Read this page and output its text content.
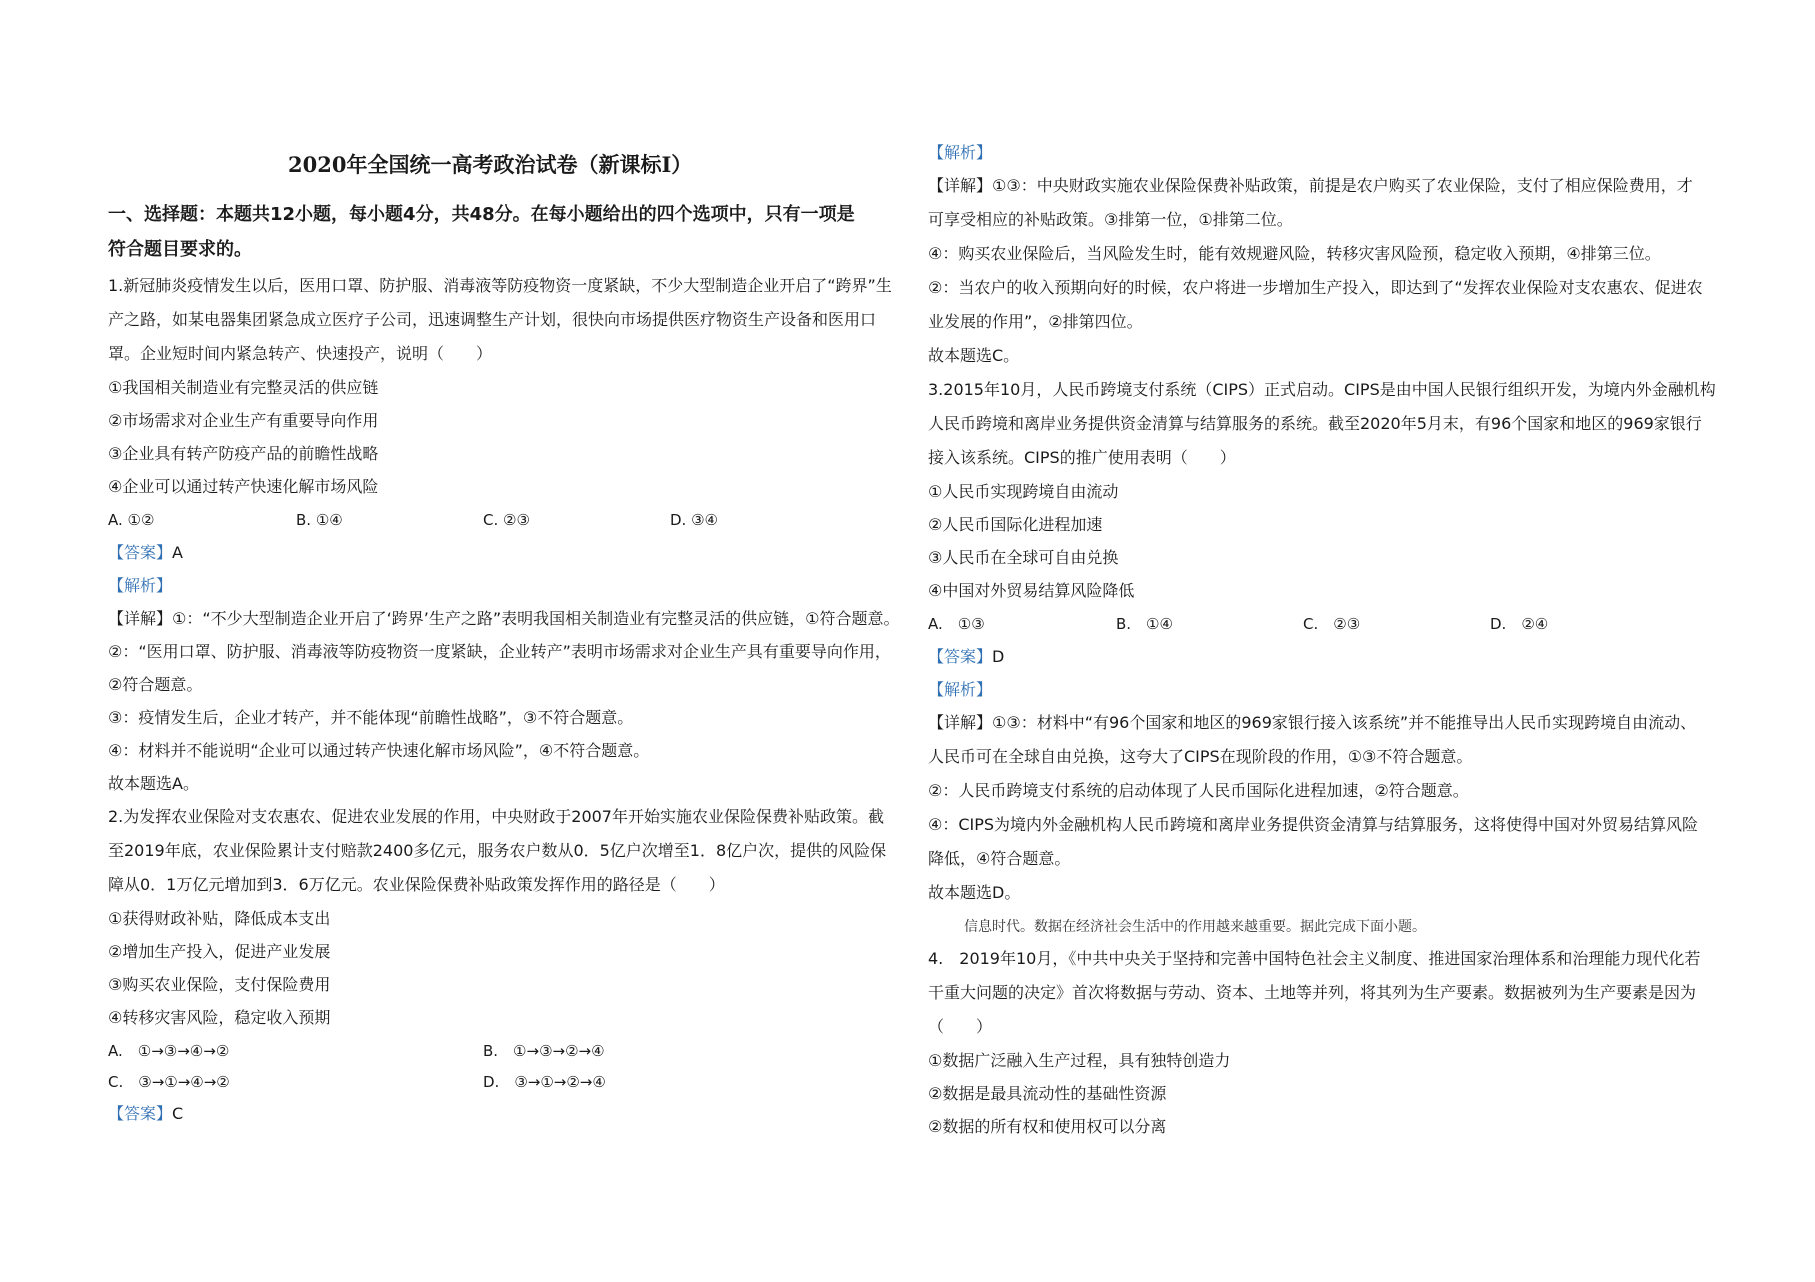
2020年全国统一高考政治试卷（新课标I）
一、选择题：本题共12小题，每小题4分，共48分。在每小题给出的四个选项中，只有一项是
符合题目要求的。
1.新冠肺炎疫情发生以后，医用口罩、防护服、消毒液等防疫物资一度紧缺，不少大型制造企业开启了“跨界”生
产之路，如某电器集团紧急成立医疗子公司，迅速调整生产计划，很快向市场提供医疗物资生产设备和医用口
罩。企业短时间内紧急转产、快速投产，说明（　　）
①我国相关制造业有完整灵活的供应链
②市场需求对企业生产有重要导向作用
③企业具有转产防疫产品的前瞻性战略
④企业可以通过转产快速化解市场风险
A. ①②	B. ①④	C. ②③	D. ③④
【答案】A
【解析】
【详解】①：“不少大型制造企业开启了‘跨界’生产之路”表明我国相关制造业有完整灵活的供应链，①符合题意。
②：“医用口罩、防护服、消毒液等防疫物资一度紧缺，企业转产”表明市场需求对企业生产具有重要导向作用，
②符合题意。
③：疫情发生后，企业才转产，并不能体现“前瞻性战略”，③不符合题意。
④：材料并不能说明“企业可以通过转产快速化解市场风险”，④不符合题意。
故本题选A。
2.为发挥农业保险对支农惠农、促进农业发展的作用，中央财政于2007年开始实施农业保险保费补贴政策。截
至2019年底，农业保险累计支付赔款2400多亿元，服务农户数从0．5亿户次增至1．8亿户次，提供的风险保
障从0．1万亿元增加到3．6万亿元。农业保险保费补贴政策发挥作用的路径是（　　）
①获得财政补贴，降低成本支出
②增加生产投入，促进产业发展
③购买农业保险，支付保险费用
④转移灾害风险，稳定收入预期
A.　①→③→④→②	B.　①→③→②→④
C.　③→①→④→②	D.　③→①→②→④
【答案】C
【解析】
【详解】①③：中央财政实施农业保险保费补贴政策，前提是农户购买了农业保险，支付了相应保险费用，才
可享受相应的补贴政策。③排第一位，①排第二位。
④：购买农业保险后，当风险发生时，能有效规避风险，转移灾害风险预，稳定收入预期，④排第三位。
②：当农户的收入预期向好的时候，农户将进一步增加生产投入，即达到了“发挥农业保险对支农惠农、促进农
业发展的作用”，②排第四位。
故本题选C。
3.2015年10月，人民币跨境支付系统（CIPS）正式启动。CIPS是由中国人民银行组织开发，为境内外金融机构
人民币跨境和离岸业务提供资金清算与结算服务的系统。截至2020年5月末，有96个国家和地区的969家银行
接入该系统。CIPS的推广使用表明（　　）
①人民币实现跨境自由流动
②人民币国际化进程加速
③人民币在全球可自由兑换
④中国对外贸易结算风险降低
A.　①③	B.　①④	C.　②③	D.　②④
【答案】D
【解析】
【详解】①③：材料中“有96个国家和地区的969家银行接入该系统”并不能推导出人民币实现跨境自由流动、
人民币可在全球自由兑换，这夸大了CIPS在现阶段的作用，①③不符合题意。
②：人民币跨境支付系统的启动体现了人民币国际化进程加速，②符合题意。
④：CIPS为境内外金融机构人民币跨境和离岸业务提供资金清算与结算服务，这将使得中国对外贸易结算风险
降低，④符合题意。
故本题选D。
信息时代。数据在经济社会生活中的作用越来越重要。据此完成下面小题。
4.　2019年10月，《中共中央关于坚持和完善中国特色社会主义制度、推进国家治理体系和治理能力现代化若
干重大问题的决定》首次将数据与劳动、资本、土地等并列，将其列为生产要素。数据被列为生产要素是因为
（　　）
①数据广泛融入生产过程，具有独特创造力
②数据是最具流动性的基础性资源
②数据的所有权和使用权可以分离
